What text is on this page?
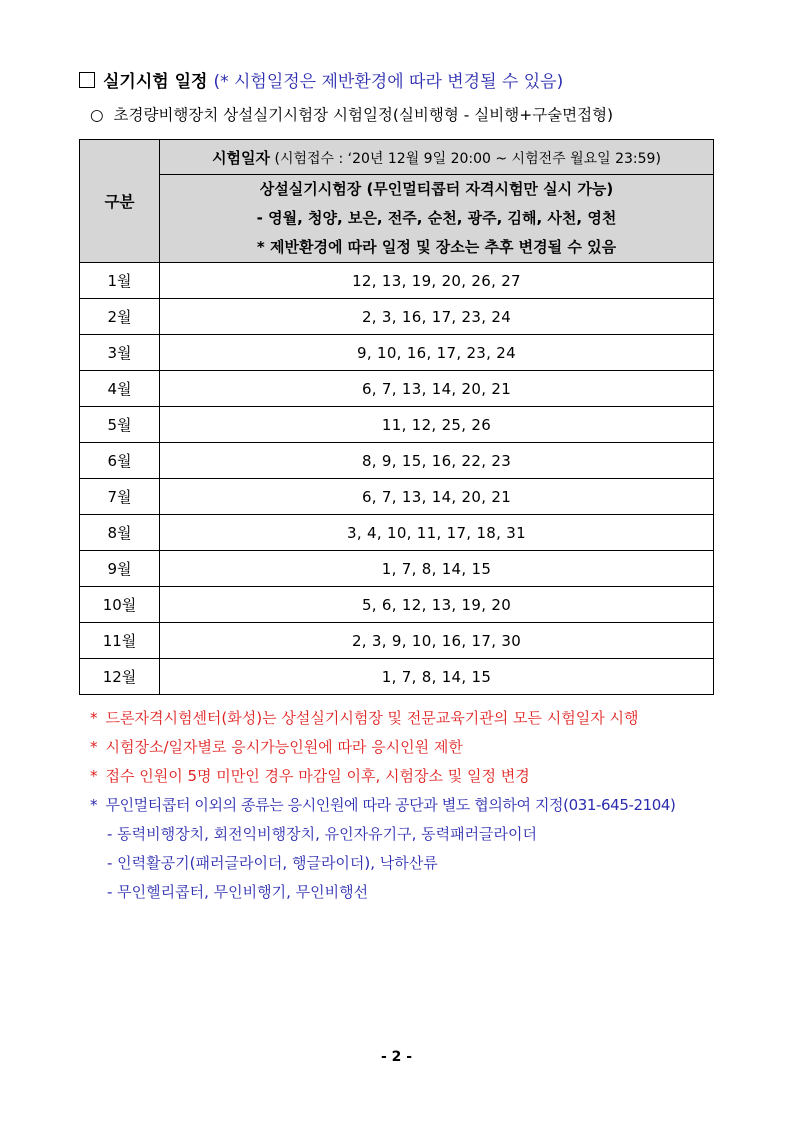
실기시험 일정 (* 시험일정은 제반환경에 따라 변경될 수 있음)
○ 초경량비행장치 상설실기시험장 시험일정(실비행형 - 실비행+구술면접형)
구분	시험일자 (시험접수 : ‘20년 12월 9일 20:00 ~ 시험전주 월요일 23:59)

	상설실기시험장 (무인멀티콥터 자격시험만 실시 가능)
- 영월, 청양, 보은, 전주, 순천, 광주, 김해, 사천, 영천
* 제반환경에 따라 일정 및 장소는 추후 변경될 수 있음

1월	12, 13, 19, 20, 26, 27
2월	2, 3, 16, 17, 23, 24
3월	9, 10, 16, 17, 23, 24
4월	6, 7, 13, 14, 20, 21
5월	11, 12, 25, 26
6월	8, 9, 15, 16, 22, 23
7월	6, 7, 13, 14, 20, 21
8월	3, 4, 10, 11, 17, 18, 31
9월	1, 7, 8, 14, 15
10월	5, 6, 12, 13, 19, 20
11월	2, 3, 9, 10, 16, 17, 30
12월	1, 7, 8, 14, 15
* 드론자격시험센터(화성)는 상설실기시험장 및 전문교육기관의 모든 시험일자 시행
* 시험장소/일자별로 응시가능인원에 따라 응시인원 제한
* 접수 인원이 5명 미만인 경우 마감일 이후, 시험장소 및 일정 변경
* 무인멀티콥터 이외의 종류는 응시인원에 따라 공단과 별도 협의하여 지정(031-645-2104)
- 동력비행장치, 회전익비행장치, 유인자유기구, 동력패러글라이더
- 인력활공기(패러글라이더, 행글라이더), 낙하산류
- 무인헬리콥터, 무인비행기, 무인비행선
- 2 -
